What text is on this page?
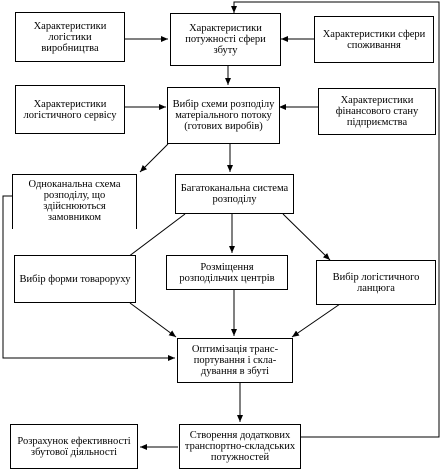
Характеристики логістики виробництва
Характеристики потужності сфери збуту
Характеристики сфери споживання
Характеристики логістичного сервісу
Вибір схеми розподілу матеріального потоку (готових виробів)
Характеристики фінансового стану підприємства
Одноканальна схема розподілу, що здійснюються замовником
Багатоканальна система розподілу
Вибір форми товароруху
Розміщення розподільчих центрів	Вибір логістичного ланцюга
Оптимізація транс-портування і скла-дування в збуті
Розрахунок ефективності збутової діяльності
Створення додаткових транспортно-складських потужностей
